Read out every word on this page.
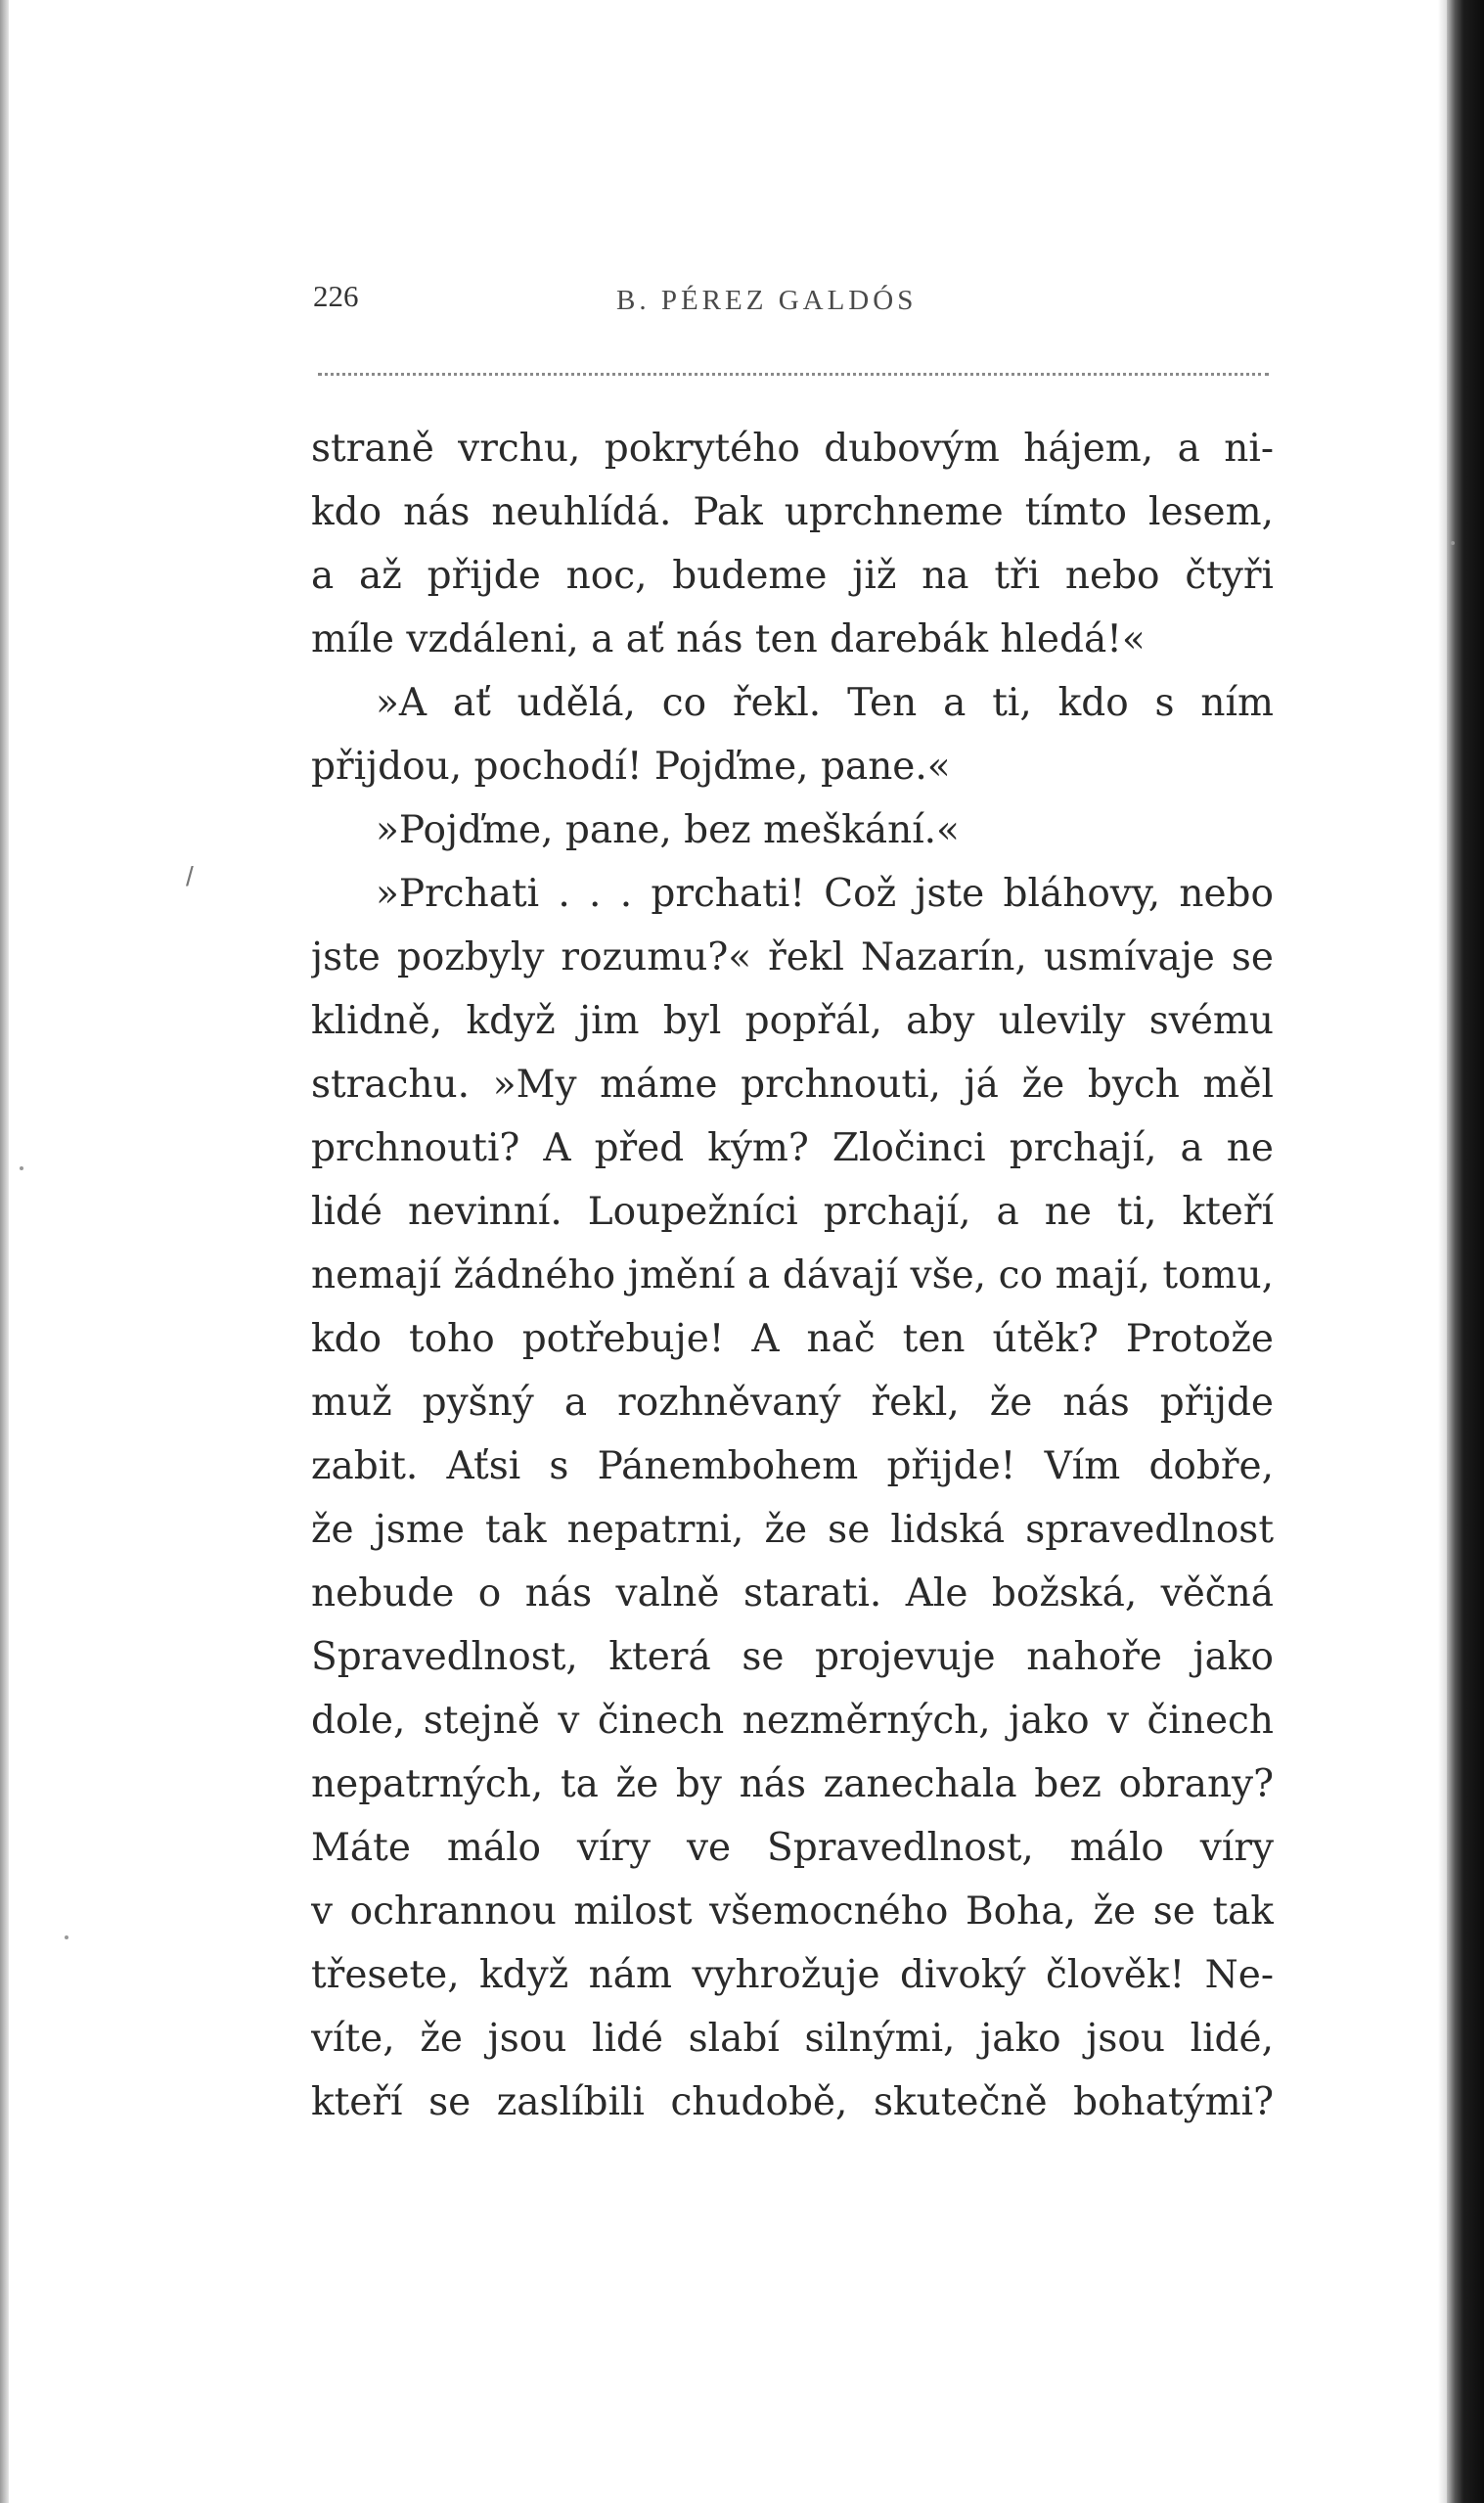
226	B. PÉREZ GALDÓS
/
straně vrchu, pokrytého dubovým hájem, a ni-
kdo nás neuhlídá. Pak uprchneme tímto lesem,
a až přijde noc, budeme již na tři nebo čtyři
míle vzdáleni, a ať nás ten darebák hledá!«
»A ať udělá, co řekl. Ten a ti, kdo s ním
přijdou, pochodí! Pojďme, pane.«
»Pojďme, pane, bez meškání.«
»Prchati . . . prchati! Což jste bláhovy, nebo
jste pozbyly rozumu?« řekl Nazarín, usmívaje se
klidně, když jim byl popřál, aby ulevily svému
strachu. »My máme prchnouti, já že bych měl
prchnouti? A před kým? Zločinci prchají, a ne
lidé nevinní. Loupežníci prchají, a ne ti, kteří
nemají žádného jmění a dávají vše, co mají, tomu,
kdo toho potřebuje! A nač ten útěk? Protože
muž pyšný a rozhněvaný řekl, že nás přijde
zabit. Aťsi s Pánembohem přijde! Vím dobře,
že jsme tak nepatrni, že se lidská spravedlnost
nebude o nás valně starati. Ale božská, věčná
Spravedlnost, která se projevuje nahoře jako
dole, stejně v činech nezměrných, jako v činech
nepatrných, ta že by nás zanechala bez obrany?
Máte málo víry ve Spravedlnost, málo víry
v ochrannou milost všemocného Boha, že se tak
třesete, když nám vyhrožuje divoký člověk! Ne-
víte, že jsou lidé slabí silnými, jako jsou lidé,
kteří se zaslíbili chudobě, skutečně bohatými?
